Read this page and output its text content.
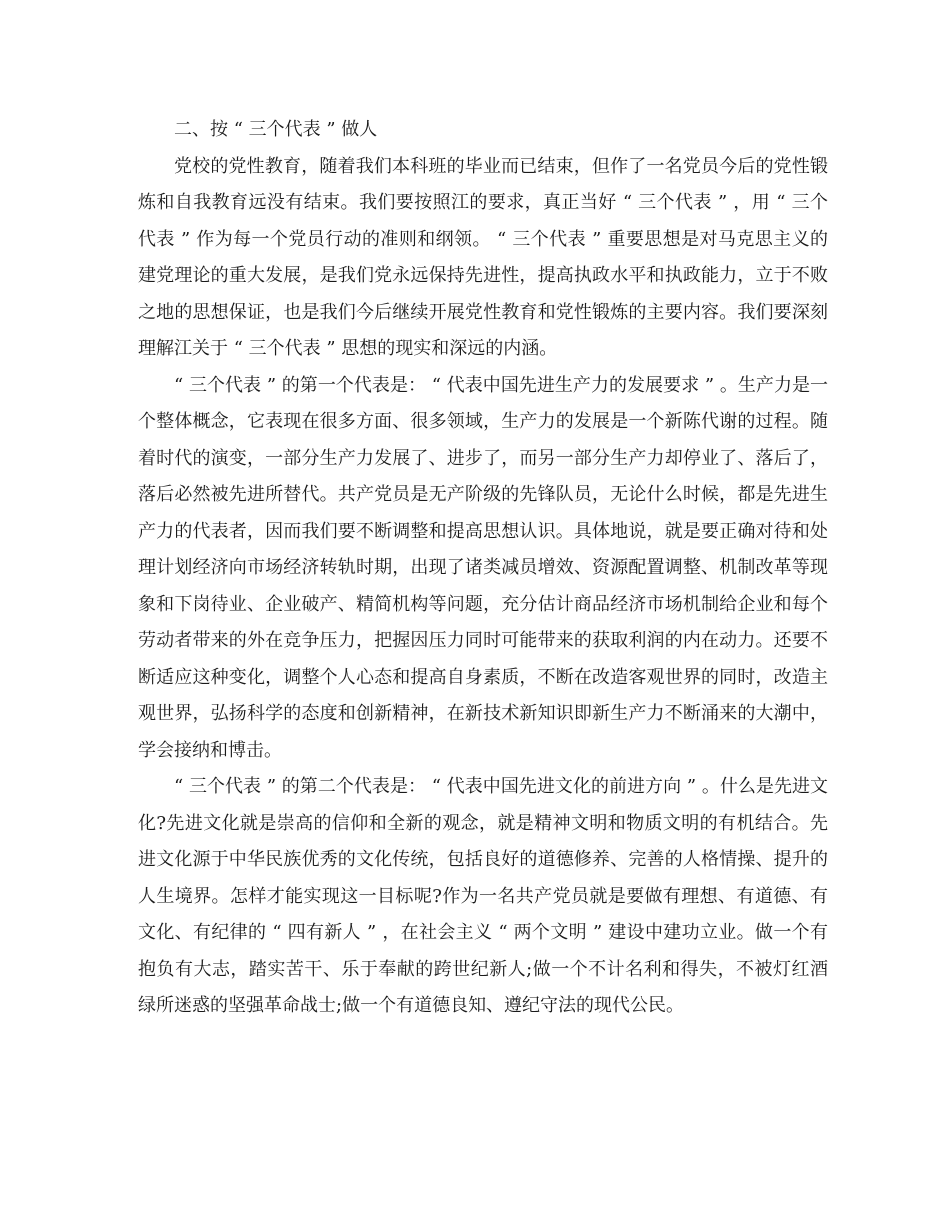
二、按 “ 三个代表 ” 做人

党校的党性教育，随着我们本科班的毕业而已结束，但作了一名党员今后的党性锻炼和自我教育远没有结束。我们要按照江的要求，真正当好 “ 三个代表 ” ，用 “ 三个代表 ” 作为每一个党员行动的准则和纲领。 “ 三个代表 ” 重要思想是对马克思主义的建党理论的重大发展，是我们党永远保持先进性，提高执政水平和执政能力，立于不败之地的思想保证，也是我们今后继续开展党性教育和党性锻炼的主要内容。我们要深刻理解江关于 “ 三个代表 ” 思想的现实和深远的内涵。

“ 三个代表 ” 的第一个代表是： “ 代表中国先进生产力的发展要求 ” 。生产力是一个整体概念，它表现在很多方面、很多领域，生产力的发展是一个新陈代谢的过程。随着时代的演变，一部分生产力发展了、进步了，而另一部分生产力却停业了、落后了，落后必然被先进所替代。共产党员是无产阶级的先锋队员，无论什么时候，都是先进生产力的代表者，因而我们要不断调整和提高思想认识。具体地说，就是要正确对待和处理计划经济向市场经济转轨时期，出现了诸类减员增效、资源配置调整、机制改革等现象和下岗待业、企业破产、精简机构等问题，充分估计商品经济市场机制给企业和每个劳动者带来的外在竞争压力，把握因压力同时可能带来的获取利润的内在动力。还要不断适应这种变化，调整个人心态和提高自身素质，不断在改造客观世界的同时，改造主观世界，弘扬科学的态度和创新精神，在新技术新知识即新生产力不断涌来的大潮中，学会接纳和博击。

“ 三个代表 ” 的第二个代表是： “ 代表中国先进文化的前进方向 ” 。什么是先进文化?先进文化就是崇高的信仰和全新的观念，就是精神文明和物质文明的有机结合。先进文化源于中华民族优秀的文化传统，包括良好的道德修养、完善的人格情操、提升的人生境界。怎样才能实现这一目标呢?作为一名共产党员就是要做有理想、有道德、有文化、有纪律的 “ 四有新人 ” ，在社会主义 “ 两个文明 ” 建设中建功立业。做一个有抱负有大志，踏实苦干、乐于奉献的跨世纪新人;做一个不计名利和得失，不被灯红酒绿所迷惑的坚强革命战士;做一个有道德良知、遵纪守法的现代公民。
